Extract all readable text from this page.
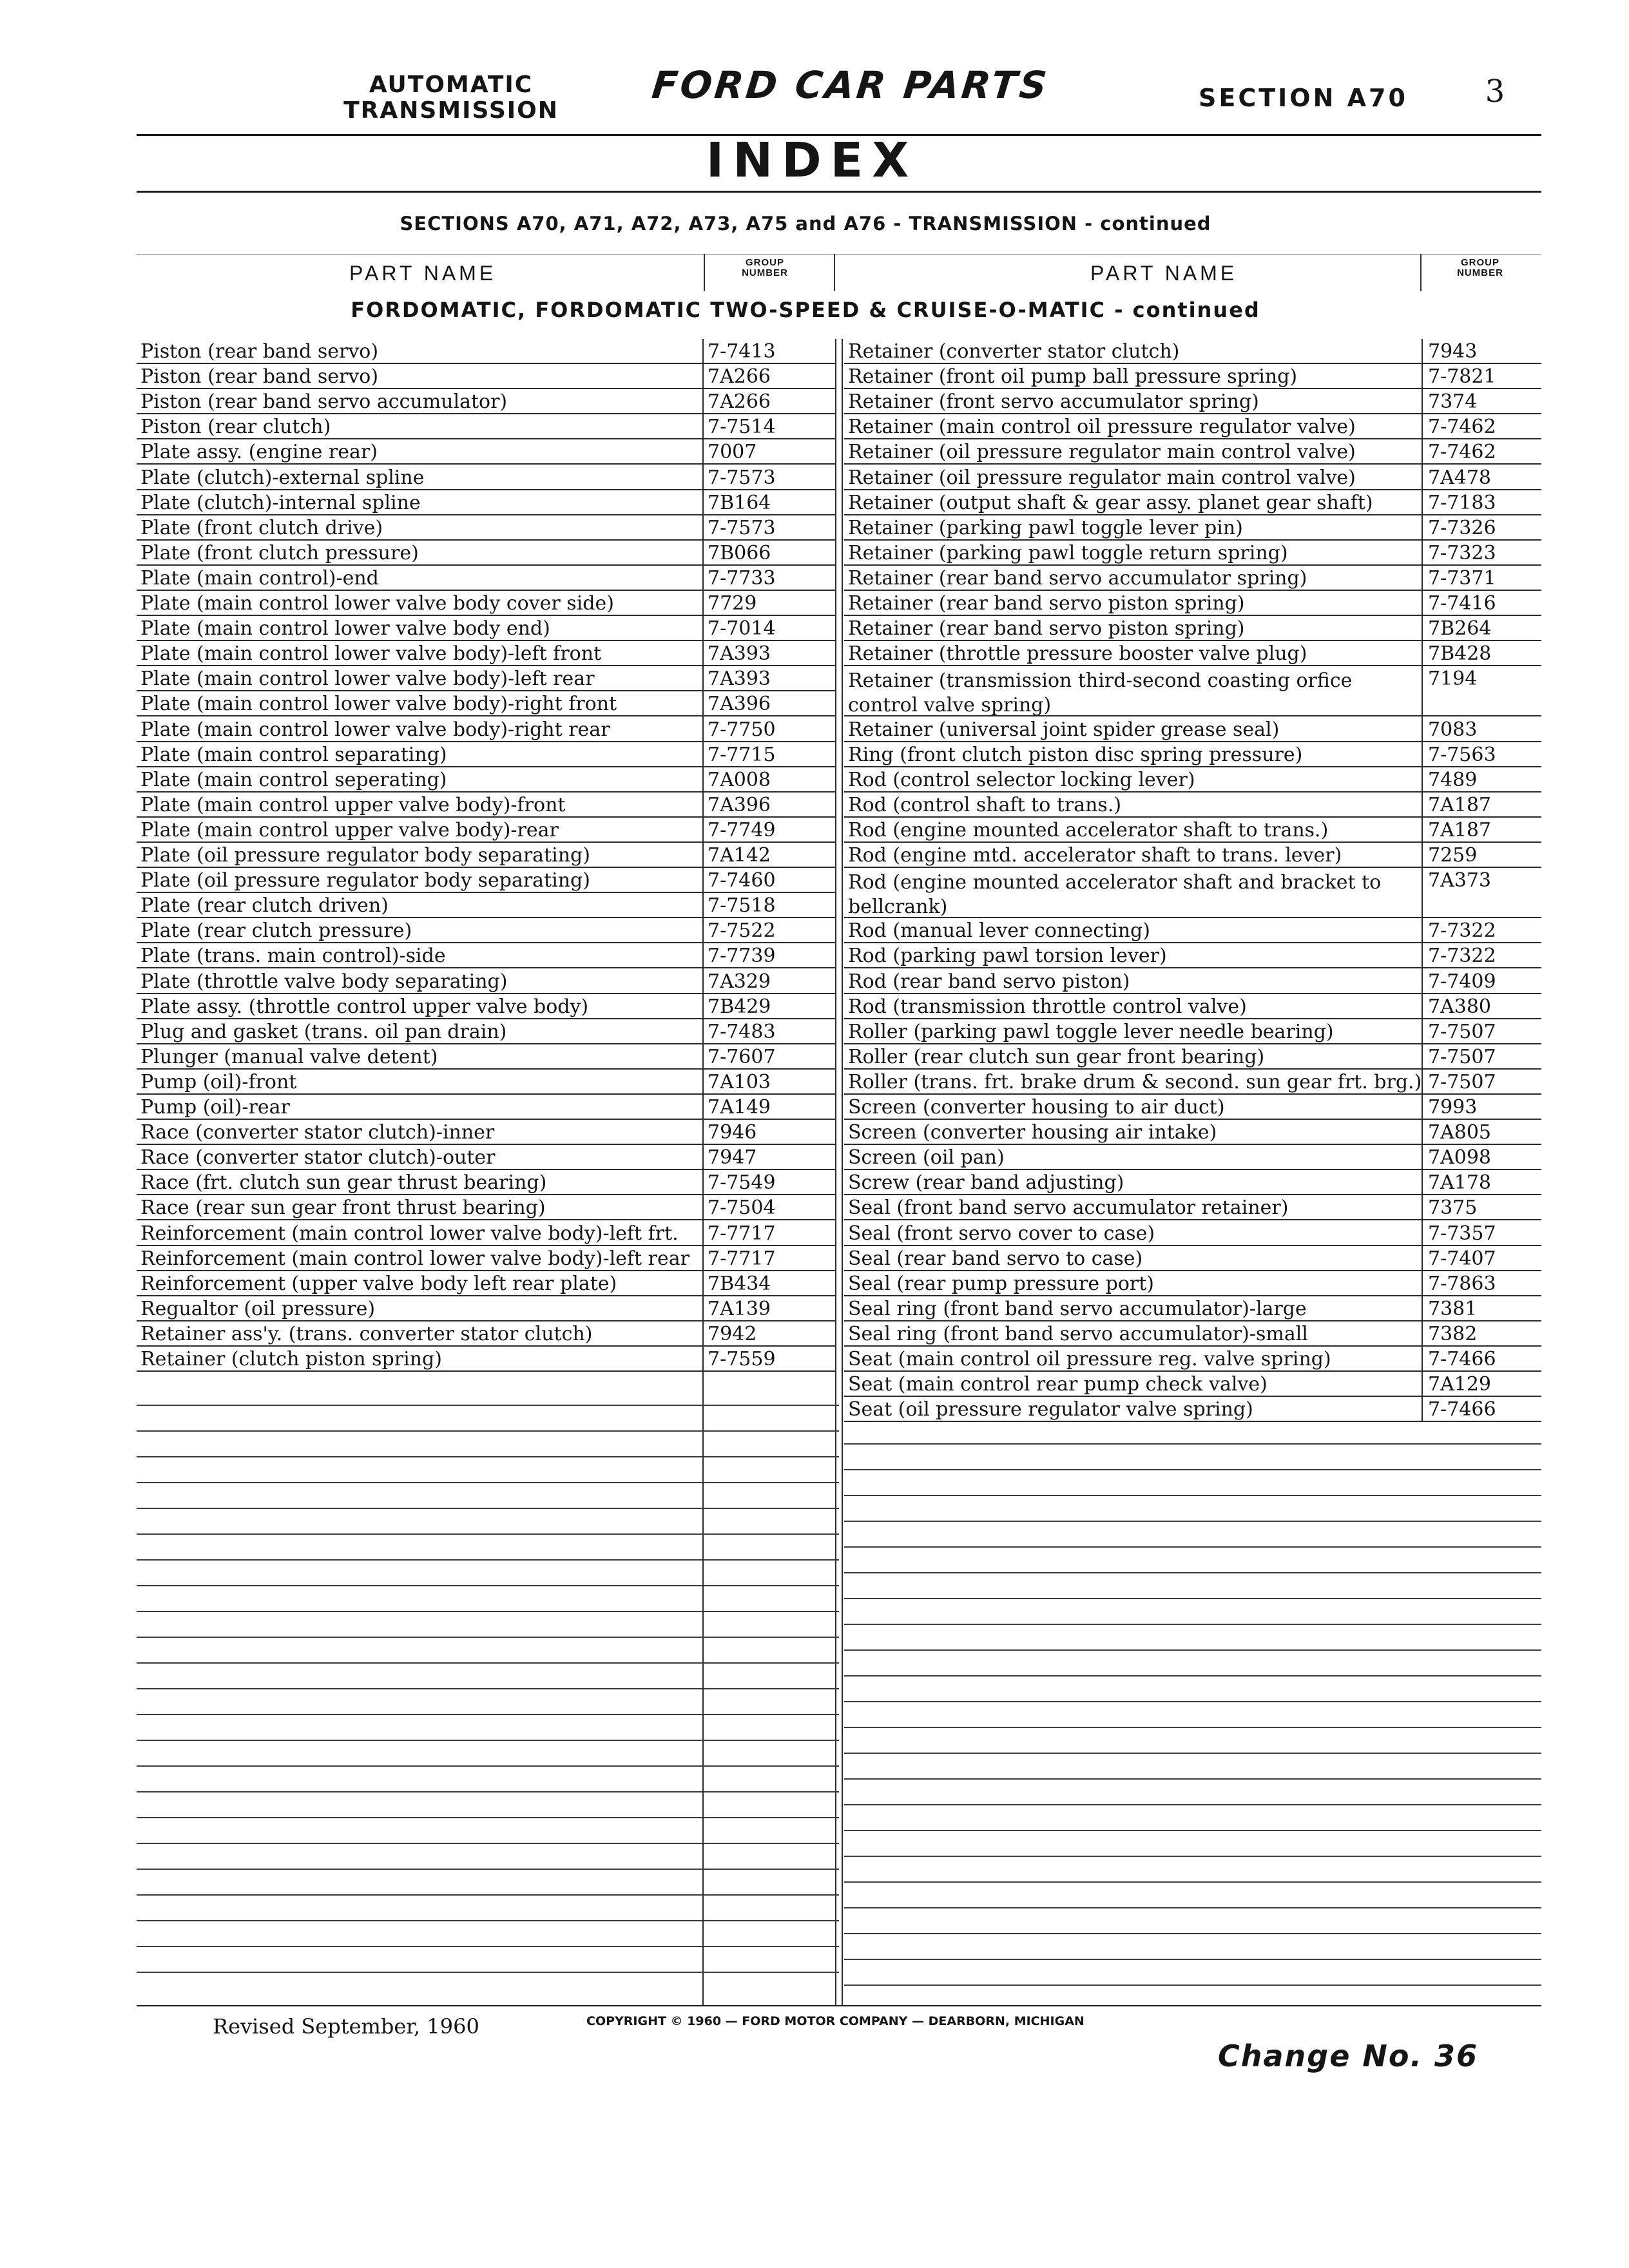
AUTOMATIC
TRANSMISSION
FORD CAR PARTS	SECTION A70	3
INDEX
SECTIONS A70, A71, A72, A73, A75 and A76 - TRANSMISSION - continued
PART NAME	GROUP
NUMBER	PART NAME	GROUP
NUMBER
FORDOMATIC, FORDOMATIC TWO-SPEED & CRUISE-O-MATIC - continued
Piston (rear band servo)	7-7413
Piston (rear band servo)	7A266
Piston (rear band servo accumulator)	7A266
Piston (rear clutch)	7-7514
Plate assy. (engine rear)	7007
Plate (clutch)-external spline	7-7573
Plate (clutch)-internal spline	7B164
Plate (front clutch drive)	7-7573
Plate (front clutch pressure)	7B066
Plate (main control)-end	7-7733
Plate (main control lower valve body cover side)	7729
Plate (main control lower valve body end)	7-7014
Plate (main control lower valve body)-left front	7A393
Plate (main control lower valve body)-left rear	7A393
Plate (main control lower valve body)-right front	7A396
Plate (main control lower valve body)-right rear	7-7750
Plate (main control separating)	7-7715
Plate (main control seperating)	7A008
Plate (main control upper valve body)-front	7A396
Plate (main control upper valve body)-rear	7-7749
Plate (oil pressure regulator body separating)	7A142
Plate (oil pressure regulator body separating)	7-7460
Plate (rear clutch driven)	7-7518
Plate (rear clutch pressure)	7-7522
Plate (trans. main control)-side	7-7739
Plate (throttle valve body separating)	7A329
Plate assy. (throttle control upper valve body)	7B429
Plug and gasket (trans. oil pan drain)	7-7483
Plunger (manual valve detent)	7-7607
Pump (oil)-front	7A103
Pump (oil)-rear	7A149
Race (converter stator clutch)-inner	7946
Race (converter stator clutch)-outer	7947
Race (frt. clutch sun gear thrust bearing)	7-7549
Race (rear sun gear front thrust bearing)	7-7504
Reinforcement (main control lower valve body)-left frt.	7-7717
Reinforcement (main control lower valve body)-left rear 7-7717
Reinforcement (upper valve body left rear plate)	7B434
Regualtor (oil pressure)	7A139
Retainer ass'y. (trans. converter stator clutch)	7942
Retainer (clutch piston spring)	7-7559
Retainer (converter stator clutch)	7943
Retainer (front oil pump ball pressure spring)	7-7821
Retainer (front servo accumulator spring)	7374
Retainer (main control oil pressure regulator valve)	7-7462
Retainer (oil pressure regulator main control valve)	7-7462
Retainer (oil pressure regulator main control valve)	7A478
Retainer (output shaft & gear assy. planet gear shaft)	7-7183
Retainer (parking pawl toggle lever pin)	7-7326
Retainer (parking pawl toggle return spring)	7-7323
Retainer (rear band servo accumulator spring)	7-7371
Retainer (rear band servo piston spring)	7-7416
Retainer (rear band servo piston spring)	7B264
Retainer (throttle pressure booster valve plug)	7B428
Retainer (transmission third-second coasting orfice control valve spring)
7194
Retainer (universal joint spider grease seal)	7083
Ring (front clutch piston disc spring pressure)	7-7563
Rod (control selector locking lever)	7489
Rod (control shaft to trans.)	7A187
Rod (engine mounted accelerator shaft to trans.)	7A187
Rod (engine mtd. accelerator shaft to trans. lever)	7259
Rod (engine mounted accelerator shaft and bracket to bellcrank)
7A373
Rod (manual lever connecting)	7-7322
Rod (parking pawl torsion lever)	7-7322
Rod (rear band servo piston)	7-7409
Rod (transmission throttle control valve)	7A380
Roller (parking pawl toggle lever needle bearing)	7-7507
Roller (rear clutch sun gear front bearing)	7-7507
Roller (trans. frt. brake drum & second. sun gear frt. brg.) 7-7507
Screen (converter housing to air duct)	7993
Screen (converter housing air intake)	7A805
Screen (oil pan)	7A098
Screw (rear band adjusting)	7A178
Seal (front band servo accumulator retainer)	7375
Seal (front servo cover to case)	7-7357
Seal (rear band servo to case)	7-7407
Seal (rear pump pressure port)	7-7863
Seal ring (front band servo accumulator)-large	7381
Seal ring (front band servo accumulator)-small	7382
Seat (main control oil pressure reg. valve spring)	7-7466
Seat (main control rear pump check valve)	7A129
Seat (oil pressure regulator valve spring)	7-7466
Revised September, 1960	COPYRIGHT © 1960 — FORD MOTOR COMPANY — DEARBORN, MICHIGAN
Change No. 36
